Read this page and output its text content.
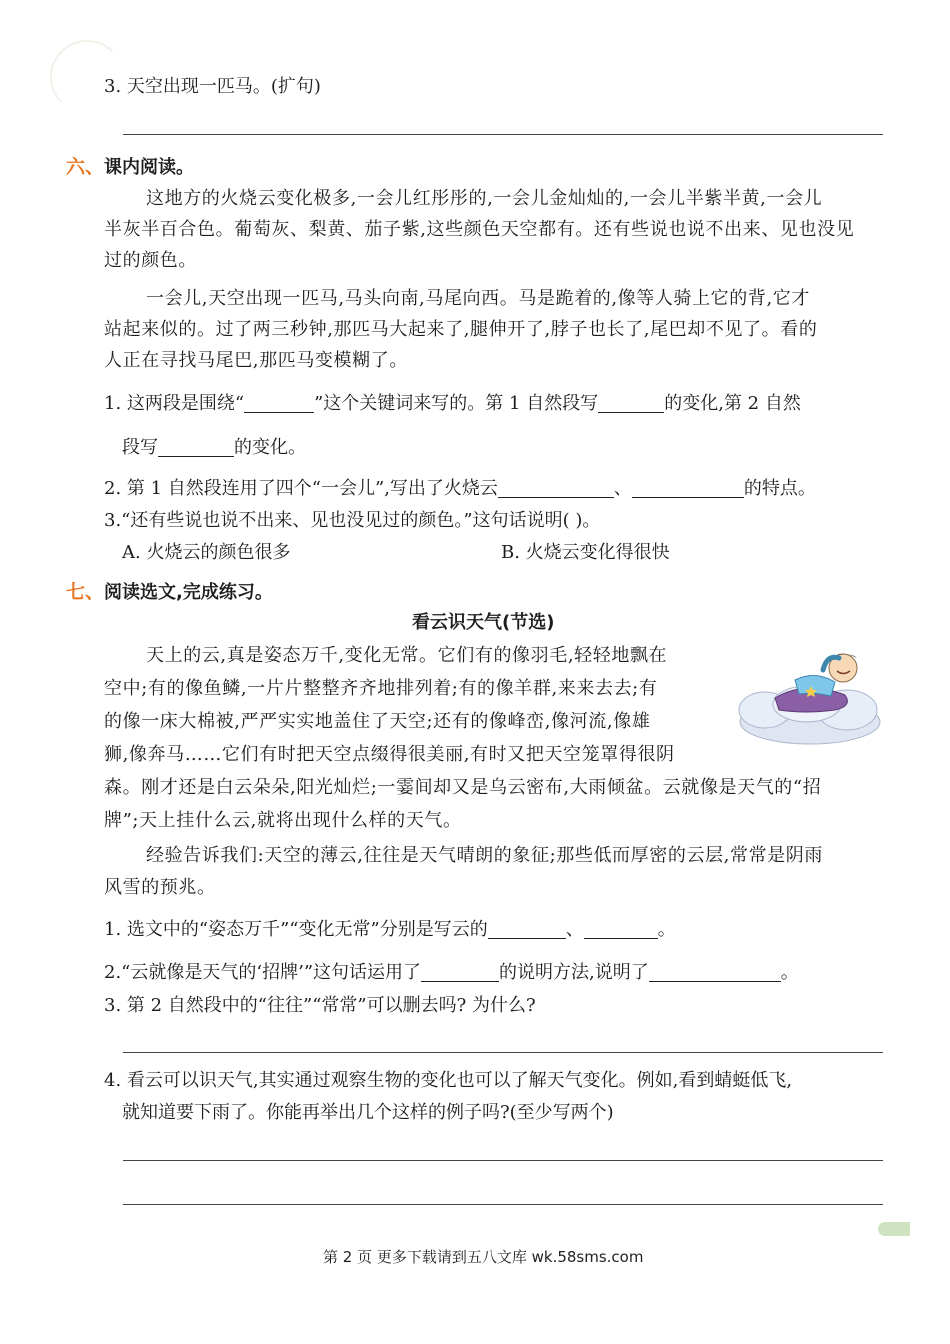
3. 天空出现一匹马。(扩句)
六、课内阅读。
这地方的火烧云变化极多,一会儿红彤彤的,一会儿金灿灿的,一会儿半紫半黄,一会儿
半灰半百合色。葡萄灰、梨黄、茄子紫,这些颜色天空都有。还有些说也说不出来、见也没见
过的颜色。
一会儿,天空出现一匹马,马头向南,马尾向西。马是跪着的,像等人骑上它的背,它才
站起来似的。过了两三秒钟,那匹马大起来了,腿伸开了,脖子也长了,尾巴却不见了。看的
人正在寻找马尾巴,那匹马变模糊了。
1. 这两段是围绕“	”这个关键词来写的。第 1 自然段写	的变化,第 2 自然
段写	的变化。
2. 第 1 自然段连用了四个“一会儿”,写出了火烧云	、	的特点。
3.“还有些说也说不出来、见也没见过的颜色。”这句话说明( )。
A. 火烧云的颜色很多	B. 火烧云变化得很快
七、阅读选文,完成练习。
看云识天气(节选)
天上的云,真是姿态万千,变化无常。它们有的像羽毛,轻轻地飘在
空中;有的像鱼鳞,一片片整整齐齐地排列着;有的像羊群,来来去去;有
的像一床大棉被,严严实实地盖住了天空;还有的像峰峦,像河流,像雄
狮,像奔马……它们有时把天空点缀得很美丽,有时又把天空笼罩得很阴
森。刚才还是白云朵朵,阳光灿烂;一霎间却又是乌云密布,大雨倾盆。云就像是天气的“招
牌”;天上挂什么云,就将出现什么样的天气。
经验告诉我们:天空的薄云,往往是天气晴朗的象征;那些低而厚密的云层,常常是阴雨
风雪的预兆。
1. 选文中的“姿态万千”“变化无常”分别是写云的	、	。
2.“云就像是天气的‘招牌’”这句话运用了	的说明方法,说明了	。
3. 第 2 自然段中的“往往”“常常”可以删去吗? 为什么?
4. 看云可以识天气,其实通过观察生物的变化也可以了解天气变化。例如,看到蜻蜓低飞,
就知道要下雨了。你能再举出几个这样的例子吗?(至少写两个)
第 2 页 更多下载请到五八文库 wk.58sms.com
